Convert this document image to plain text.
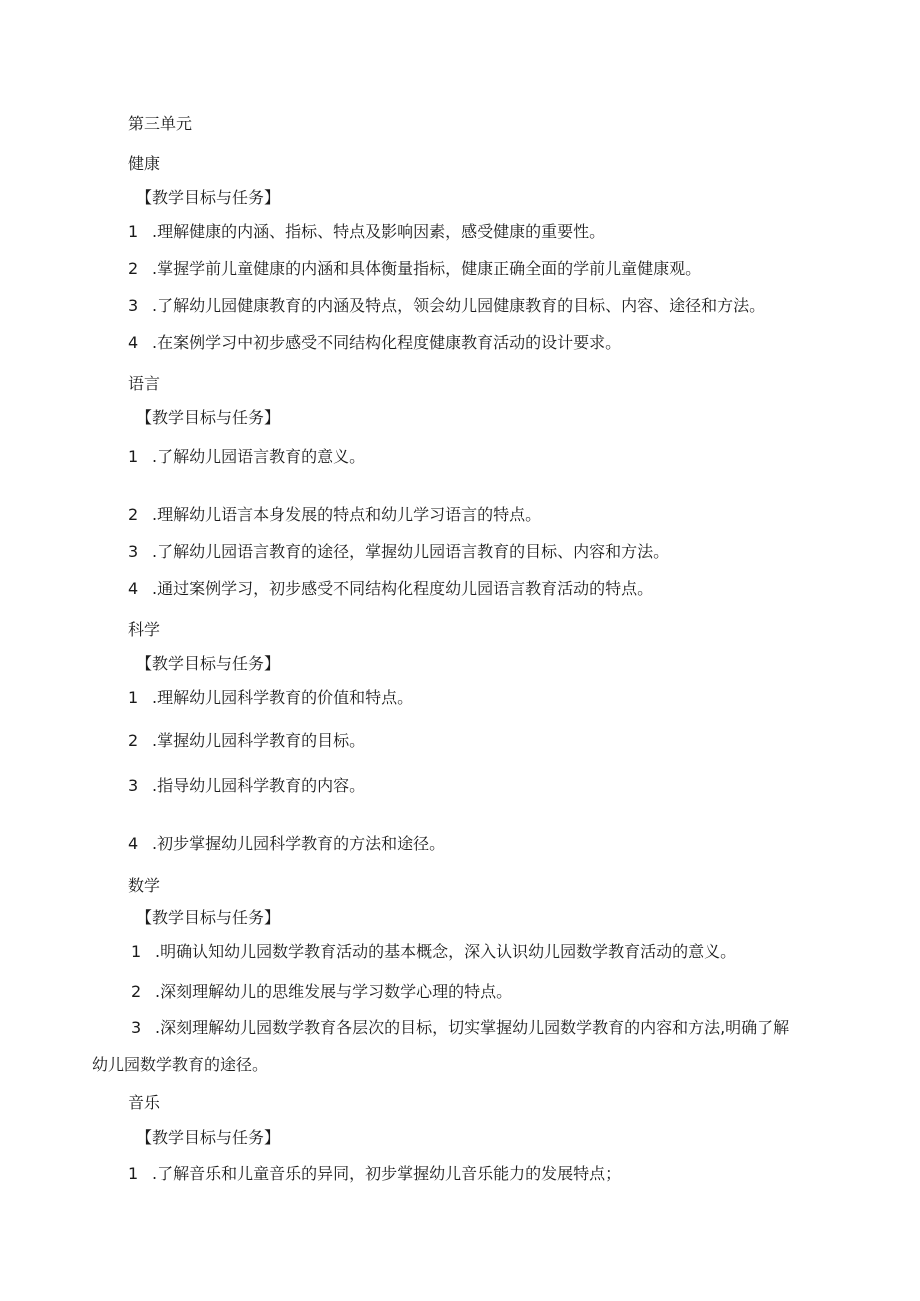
第三单元
健康
【教学目标与任务】
1 .理解健康的内涵、指标、特点及影响因素，感受健康的重要性。
2 .掌握学前儿童健康的内涵和具体衡量指标，健康正确全面的学前儿童健康观。
3 .了解幼儿园健康教育的内涵及特点，领会幼儿园健康教育的目标、内容、途径和方法。
4 .在案例学习中初步感受不同结构化程度健康教育活动的设计要求。
语言
【教学目标与任务】
1 .了解幼儿园语言教育的意义。
2 .理解幼儿语言本身发展的特点和幼儿学习语言的特点。
3 .了解幼儿园语言教育的途径，掌握幼儿园语言教育的目标、内容和方法。
4 .通过案例学习，初步感受不同结构化程度幼儿园语言教育活动的特点。
科学
【教学目标与任务】
1 .理解幼儿园科学教育的价值和特点。
2 .掌握幼儿园科学教育的目标。
3 .指导幼儿园科学教育的内容。
4 .初步掌握幼儿园科学教育的方法和途径。
数学
【教学目标与任务】
1 .明确认知幼儿园数学教育活动的基本概念，深入认识幼儿园数学教育活动的意义。
2 .深刻理解幼儿的思维发展与学习数学心理的特点。
3 .深刻理解幼儿园数学教育各层次的目标，切实掌握幼儿园数学教育的内容和方法,明确了解
幼儿园数学教育的途径。
音乐
【教学目标与任务】
1 .了解音乐和儿童音乐的异同，初步掌握幼儿音乐能力的发展特点；
